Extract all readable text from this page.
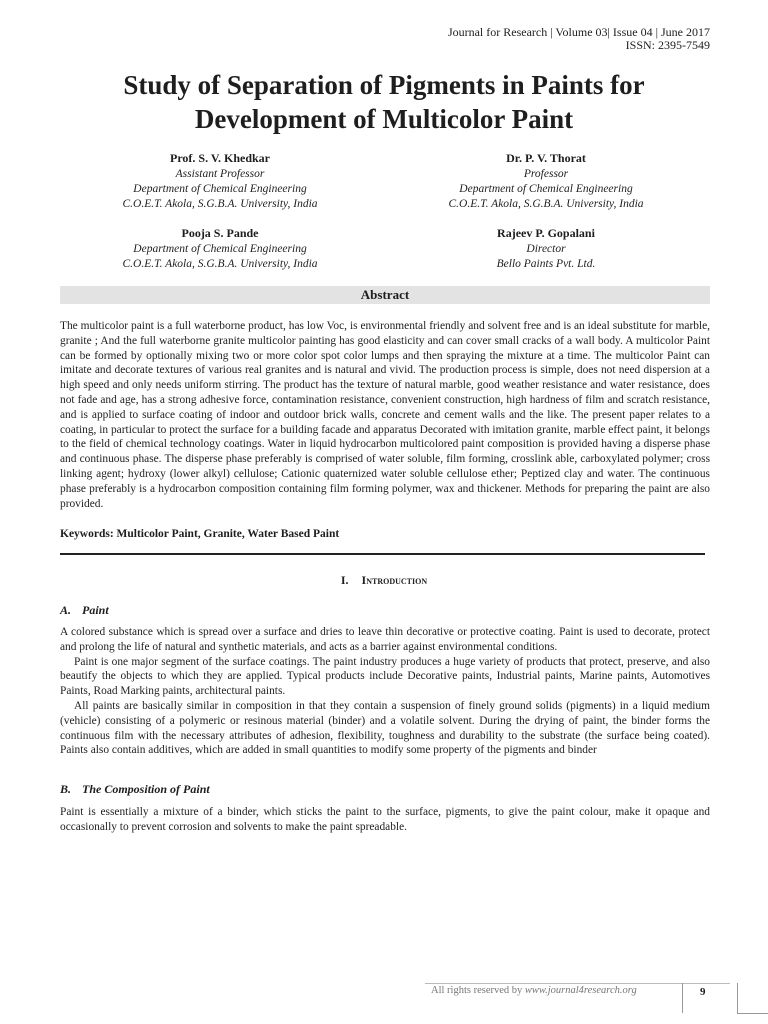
Journal for Research | Volume 03| Issue 04 | June 2017
ISSN: 2395-7549
Study of Separation of Pigments in Paints for
Development of Multicolor Paint
Prof. S. V. Khedkar
Assistant Professor
Department of Chemical Engineering
C.O.E.T. Akola, S.G.B.A. University, India
Dr. P. V. Thorat
Professor
Department of Chemical Engineering
C.O.E.T. Akola, S.G.B.A. University, India
Pooja S. Pande
Department of Chemical Engineering
C.O.E.T. Akola, S.G.B.A. University, India
Rajeev P. Gopalani
Director
Bello Paints Pvt. Ltd.
Abstract

The multicolor paint is a full waterborne product, has low Voc, is environmental friendly and solvent free and is an ideal substitute for marble, granite ; And the full waterborne granite multicolor painting has good elasticity and can cover small cracks of a wall body. A multicolor Paint can be formed by optionally mixing two or more color spot color lumps and then spraying the mixture at a time. The multicolor Paint can imitate and decorate textures of various real granites and is natural and vivid. The production process is simple, does not need dispersion at a high speed and only needs uniform stirring. The product has the texture of natural marble, good weather resistance and water resistance, does not fade and age, has a strong adhesive force, contamination resistance, convenient construction, high hardness of film and scratch resistance, and is applied to surface coating of indoor and outdoor brick walls, concrete and cement walls and the like. The present paper relates to a coating, in particular to protect the surface for a building facade and apparatus Decorated with imitation granite, marble effect paint, it belongs to the field of chemical technology coatings. Water in liquid hydrocarbon multicolored paint composition is provided having a disperse phase and continuous phase. The disperse phase preferably is comprised of water soluble, film forming, crosslink able, carboxylated polymer; cross linking agent; hydroxy (lower alkyl) cellulose; Cationic quaternized water soluble cellulose ether; Peptized clay and water. The continuous phase preferably is a hydrocarbon composition containing film forming polymer, wax and thickener. Methods for preparing the paint are also provided.

Keywords: Multicolor Paint, Granite, Water Based Paint
I. Introduction
A. Paint

A colored substance which is spread over a surface and dries to leave thin decorative or protective coating. Paint is used to decorate, protect and prolong the life of natural and synthetic materials, and acts as a barrier against environmental conditions.

Paint is one major segment of the surface coatings. The paint industry produces a huge variety of products that protect, preserve, and also beautify the objects to which they are applied. Typical products include Decorative paints, Industrial paints, Marine paints, Automotives Paints, Road Marking paints, architectural paints.

All paints are basically similar in composition in that they contain a suspension of finely ground solids (pigments) in a liquid medium (vehicle) consisting of a polymeric or resinous material (binder) and a volatile solvent. During the drying of paint, the binder forms the continuous film with the necessary attributes of adhesion, flexibility, toughness and durability to the substrate (the surface being coated). Paints also contain additives, which are added in small quantities to modify some property of the pigments and binder

B. The Composition of Paint

Paint is essentially a mixture of a binder, which sticks the paint to the surface, pigments, to give the paint colour, make it opaque and occasionally to prevent corrosion and solvents to make the paint spreadable.

All rights reserved by www.journal4research.org	9
